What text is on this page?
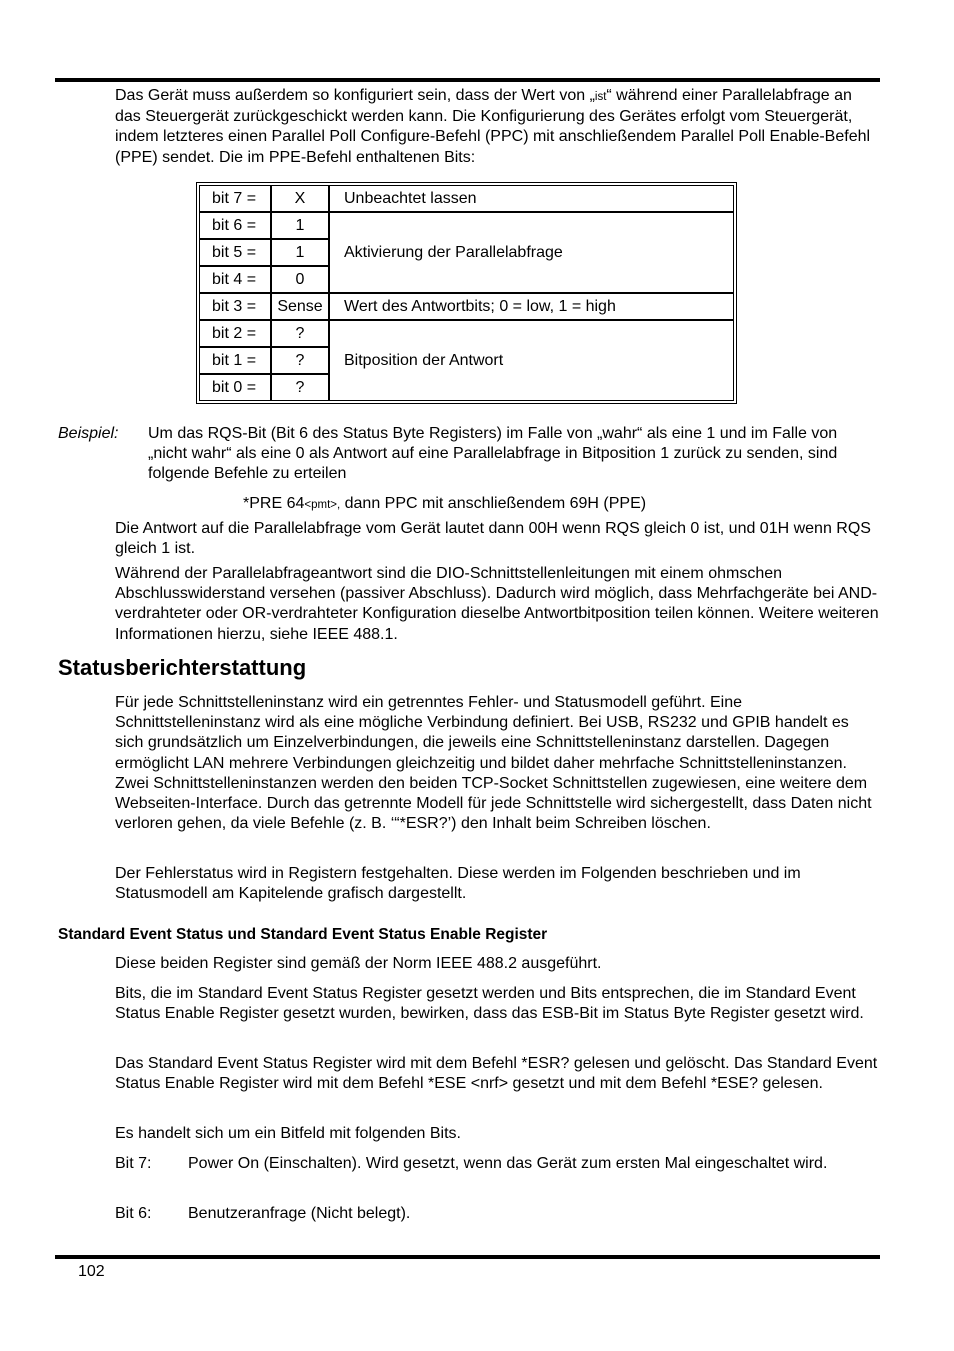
Das Gerät muss außerdem so konfiguriert sein, dass der Wert von „ist“ während einer Parallelabfrage an das Steuergerät zurückgeschickt werden kann. Die Konfigurierung des Gerätes erfolgt vom Steuergerät, indem letzteres einen Parallel Poll Configure-Befehl (PPC) mit anschließendem Parallel Poll Enable-Befehl (PPE) sendet. Die im PPE-Befehl enthaltenen Bits:

bit 7 =	X	Unbeachtet lassen
bit 6 =	1	Aktivierung der Parallelabfrage
bit 5 =	1	
bit 4 =	0	
bit 3 =	Sense	Wert des Antwortbits; 0 = low, 1 = high
bit 2 =	?	Bitposition der Antwort
bit 1 =	?	
bit 0 =	?	
Beispiel: Um das RQS-Bit (Bit 6 des Status Byte Registers) im Falle von „wahr“ als eine 1 und im Falle von „nicht wahr“ als eine 0 als Antwort auf eine Parallelabfrage in Bitposition 1 zurück zu senden, sind folgende Befehle zu erteilen

*PRE 64<pmt>, dann PPC mit anschließendem 69H (PPE)

Die Antwort auf die Parallelabfrage vom Gerät lautet dann 00H wenn RQS gleich 0 ist, und 01H wenn RQS gleich 1 ist.

Während der Parallelabfrageantwort sind die DIO-Schnittstellenleitungen mit einem ohmschen Abschlusswiderstand versehen (passiver Abschluss). Dadurch wird möglich, dass Mehrfachgeräte bei AND-verdrahteter oder OR-verdrahteter Konfiguration dieselbe Antwortbitposition teilen können. Weitere weiteren Informationen hierzu, siehe IEEE 488.1.

Statusberichterstattung

Für jede Schnittstelleninstanz wird ein getrenntes Fehler- und Statusmodell geführt. Eine Schnittstelleninstanz wird als eine mögliche Verbindung definiert. Bei USB, RS232 und GPIB handelt es sich grundsätzlich um Einzelverbindungen, die jeweils eine Schnittstelleninstanz darstellen. Dagegen ermöglicht LAN mehrere Verbindungen gleichzeitig und bildet daher mehrfache Schnittstelleninstanzen. Zwei Schnittstelleninstanzen werden den beiden TCP-Socket Schnittstellen zugewiesen, eine weitere dem Webseiten-Interface. Durch das getrennte Modell für jede Schnittstelle wird sichergestellt, dass Daten nicht verloren gehen, da viele Befehle (z. B. ‘“*ESR?’) den Inhalt beim Schreiben löschen.

Der Fehlerstatus wird in Registern festgehalten. Diese werden im Folgenden beschrieben und im Statusmodell am Kapitelende grafisch dargestellt.

Standard Event Status und Standard Event Status Enable Register

Diese beiden Register sind gemäß der Norm IEEE 488.2 ausgeführt.

Bits, die im Standard Event Status Register gesetzt werden und Bits entsprechen, die im Standard Event Status Enable Register gesetzt wurden, bewirken, dass das ESB-Bit im Status Byte Register gesetzt wird.

Das Standard Event Status Register wird mit dem Befehl *ESR? gelesen und gelöscht. Das Standard Event Status Enable Register wird mit dem Befehl *ESE <nrf> gesetzt und mit dem Befehl *ESE? gelesen.

Es handelt sich um ein Bitfeld mit folgenden Bits.

Bit 7: Power On (Einschalten). Wird gesetzt, wenn das Gerät zum ersten Mal eingeschaltet wird.
Bit 6: Benutzeranfrage (Nicht belegt).
102
